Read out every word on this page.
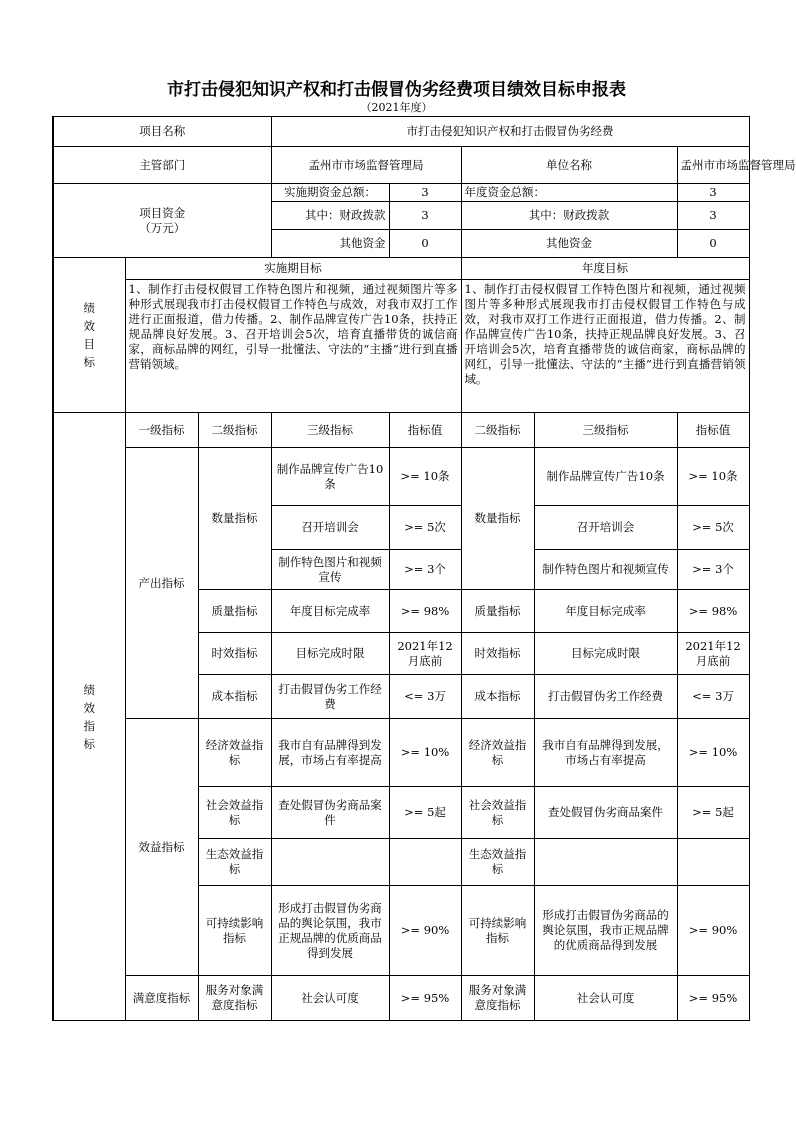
市打击侵犯知识产权和打击假冒伪劣经费项目绩效目标申报表
（2021年度）
项目名称			市打击侵犯知识产权和打击假冒伪劣经费				
主管部门			孟州市市场监督管理局		单位名称		孟州市市场监督管理局

项目资金
（万元）			实施期资金总额：	3	年度资金总额：		3
			其中：财政拨款	3	其中：财政拨款		3
			其他资金	0	其他资金		0
绩
效
目
标	实施期目标				年度目标		
	1、制作打击侵权假冒工作特色图片和视频，通过视频图片等多种形式展现我市打击侵权假冒工作特色与成效，对我市双打工作进行正面报道，借力传播。2、制作品牌宣传广告10条，扶持正规品牌良好发展。3、召开培训会5次，培育直播带货的诚信商家，商标品牌的网红，引导一批懂法、守法的“主播”进行到直播营销领域。				1、制作打击侵权假冒工作特色图片和视频，通过视频图片等多种形式展现我市打击侵权假冒工作特色与成效，对我市双打工作进行正面报道，借力传播。2、制作品牌宣传广告10条，扶持正规品牌良好发展。3、召开培训会5次，培育直播带货的诚信商家，商标品牌的网红，引导一批懂法、守法的“主播”进行到直播营销领域。		
绩
效
指
标	一级指标	二级指标	三级指标	指标值	二级指标	三级指标	指标值
	产出指标	数量指标	制作品牌宣传广告10条	>= 10条	数量指标	制作品牌宣传广告10条	>= 10条
			召开培训会	>= 5次		召开培训会	>= 5次
			制作特色图片和视频宣传	>= 3个		制作特色图片和视频宣传	>= 3个
		质量指标	年度目标完成率	>= 98%	质量指标	年度目标完成率	>= 98%
		时效指标	目标完成时限	2021年12月底前	时效指标	目标完成时限	2021年12月底前
		成本指标	打击假冒伪劣工作经费	<= 3万	成本指标	打击假冒伪劣工作经费	<= 3万
	效益指标	经济效益指标	我市自有品牌得到发展，市场占有率提高	>= 10%	经济效益指标	我市自有品牌得到发展，市场占有率提高	>= 10%
		社会效益指标	查处假冒伪劣商品案件	>= 5起	社会效益指标	查处假冒伪劣商品案件	>= 5起
		生态效益指标			生态效益指标		
		可持续影响指标	形成打击假冒伪劣商品的舆论氛围，我市正规品牌的优质商品得到发展	>= 90%	可持续影响指标	形成打击假冒伪劣商品的舆论氛围，我市正规品牌的优质商品得到发展	>= 90%
	满意度指标	服务对象满意度指标	社会认可度	>= 95%	服务对象满意度指标	社会认可度	>= 95%
